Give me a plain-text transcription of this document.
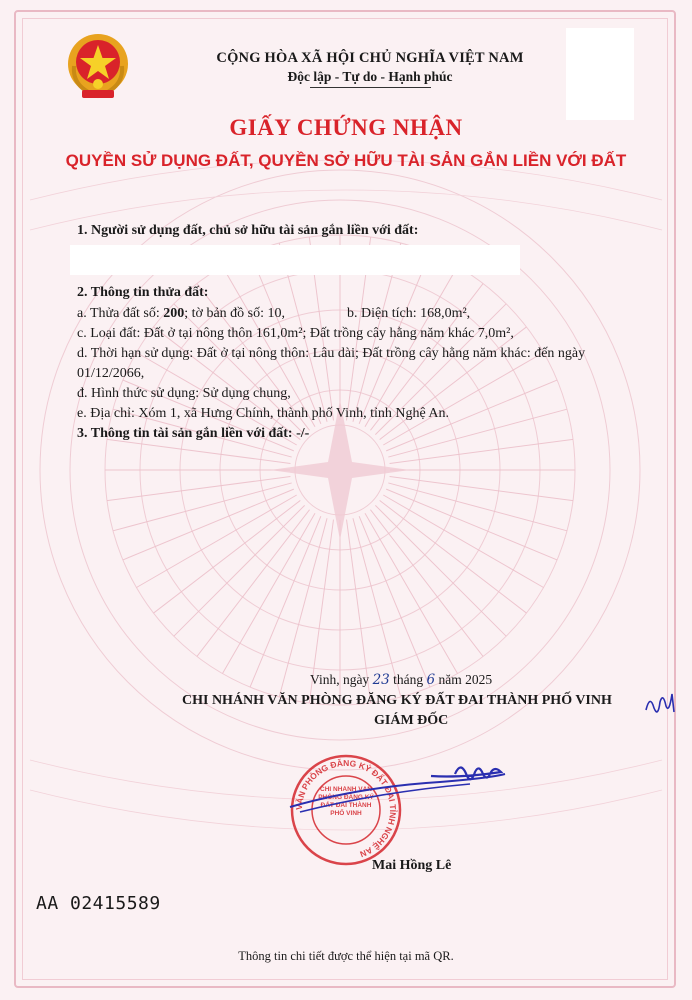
CỘNG HÒA XÃ HỘI CHỦ NGHĨA VIỆT NAM
Độc lập - Tự do - Hạnh phúc
GIẤY CHỨNG NHẬN
QUYỀN SỬ DỤNG ĐẤT, QUYỀN SỞ HỮU TÀI SẢN GẮN LIỀN VỚI ĐẤT
1. Người sử dụng đất, chủ sở hữu tài sản gắn liền với đất:
2. Thông tin thửa đất:
a. Thửa đất số: 200; tờ bản đồ số: 10,	b. Diện tích: 168,0m²,
c. Loại đất: Đất ở tại nông thôn 161,0m²; Đất trồng cây hằng năm khác 7,0m²,
d. Thời hạn sử dụng: Đất ở tại nông thôn: Lâu dài; Đất trồng cây hằng năm khác: đến ngày
01/12/2066,
đ. Hình thức sử dụng: Sử dụng chung,
e. Địa chỉ: Xóm 1, xã Hưng Chính, thành phố Vinh, tỉnh Nghệ An.
3. Thông tin tài sản gắn liền với đất: -/-
Vinh, ngày 23 tháng 6 năm 2025
CHI NHÁNH VĂN PHÒNG ĐĂNG KÝ ĐẤT ĐAI THÀNH PHỐ VINH
GIÁM ĐỐC
VĂN PHÒNG ĐĂNG KÝ ĐẤT ĐAI TỈNH NGHỆ AN
CHI NHÁNH VĂN PHÒNG ĐĂNG KÝ ĐẤT ĐAI THÀNH PHỐ VINH
Mai Hồng Lê
AA 02415589
Thông tin chi tiết được thể hiện tại mã QR.
